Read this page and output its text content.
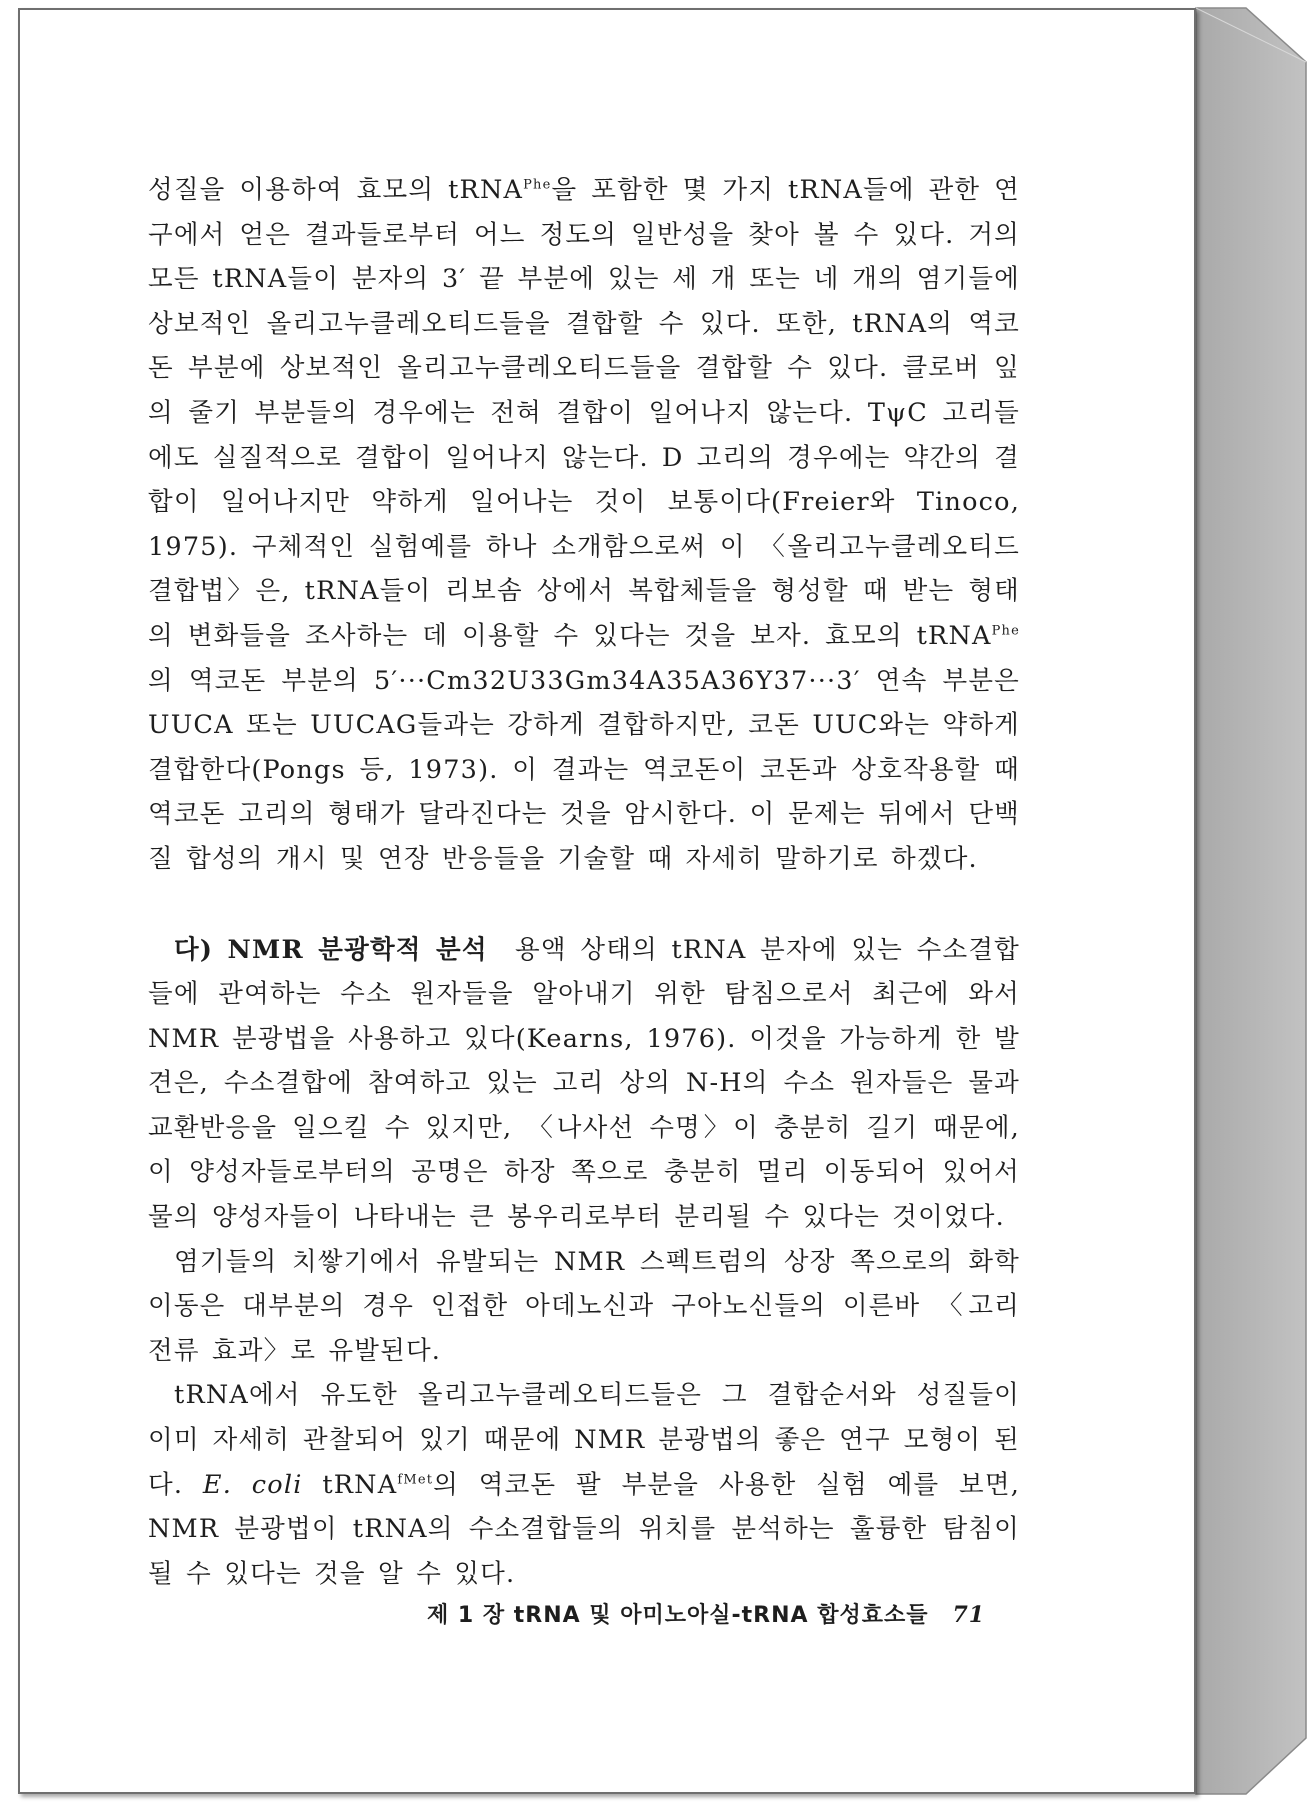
성질을 이용하여 효모의 tRNA$^{Phe}$을 포함한 몇 가지 tRNA들에 관한 연구에서 얻은 결과들로부터 어느 정도의 일반성을 찾아 볼 수 있다. 거의 모든 tRNA들이 분자의 3′ 끝 부분에 있는 세 개 또는 네 개의 염기들에 상보적인 올리고누클레오티드들을 결합할 수 있다. 또한, tRNA의 역코돈 부분에 상보적인 올리고누클레오티드들을 결합할 수 있다. 클로버 잎의 줄기 부분들의 경우에는 전혀 결합이 일어나지 않는다. TψC 고리들에도 실질적으로 결합이 일어나지 않는다. D 고리의 경우에는 약간의 결합이 일어나지만 약하게 일어나는 것이 보통이다(Freier와 Tinoco, 1975). 구체적인 실험예를 하나 소개함으로써 이 〈올리고누클레오티드 결합법〉은, tRNA들이 리보솜 상에서 복합체들을 형성할 때 받는 형태의 변화들을 조사하는 데 이용할 수 있다는 것을 보자. 효모의 tRNA$^{Phe}$의 역코돈 부분의 5′···Cm32U33Gm34A35A36Y37···3′ 연속 부분은 UUCA 또는 UUCAG들과는 강하게 결합하지만, 코돈 UUC와는 약하게 결합한다(Pongs 등, 1973). 이 결과는 역코돈이 코돈과 상호작용할 때 역코돈 고리의 형태가 달라진다는 것을 암시한다. 이 문제는 뒤에서 단백질 합성의 개시 및 연장 반응들을 기술할 때 자세히 말하기로 하겠다.

다) NMR 분광학적 분석 용액 상태의 tRNA 분자에 있는 수소결합들에 관여하는 수소 원자들을 알아내기 위한 탐침으로서 최근에 와서 NMR 분광법을 사용하고 있다(Kearns, 1976). 이것을 가능하게 한 발견은, 수소결합에 참여하고 있는 고리 상의 N-H의 수소 원자들은 물과 교환반응을 일으킬 수 있지만, 〈나사선 수명〉이 충분히 길기 때문에, 이 양성자들로부터의 공명은 하장 쪽으로 충분히 멀리 이동되어 있어서 물의 양성자들이 나타내는 큰 봉우리로부터 분리될 수 있다는 것이었다.

염기들의 치쌓기에서 유발되는 NMR 스펙트럼의 상장 쪽으로의 화학이동은 대부분의 경우 인접한 아데노신과 구아노신들의 이른바 〈고리 전류 효과〉로 유발된다.

tRNA에서 유도한 올리고누클레오티드들은 그 결합순서와 성질들이 이미 자세히 관찰되어 있기 때문에 NMR 분광법의 좋은 연구 모형이 된다. E. coli tRNA$^{fMet}$의 역코돈 팔 부분을 사용한 실험 예를 보면, NMR 분광법이 tRNA의 수소결합들의 위치를 분석하는 훌륭한 탐침이 될 수 있다는 것을 알 수 있다.

제 1 장 tRNA 및 아미노아실-tRNA 합성효소들 71
